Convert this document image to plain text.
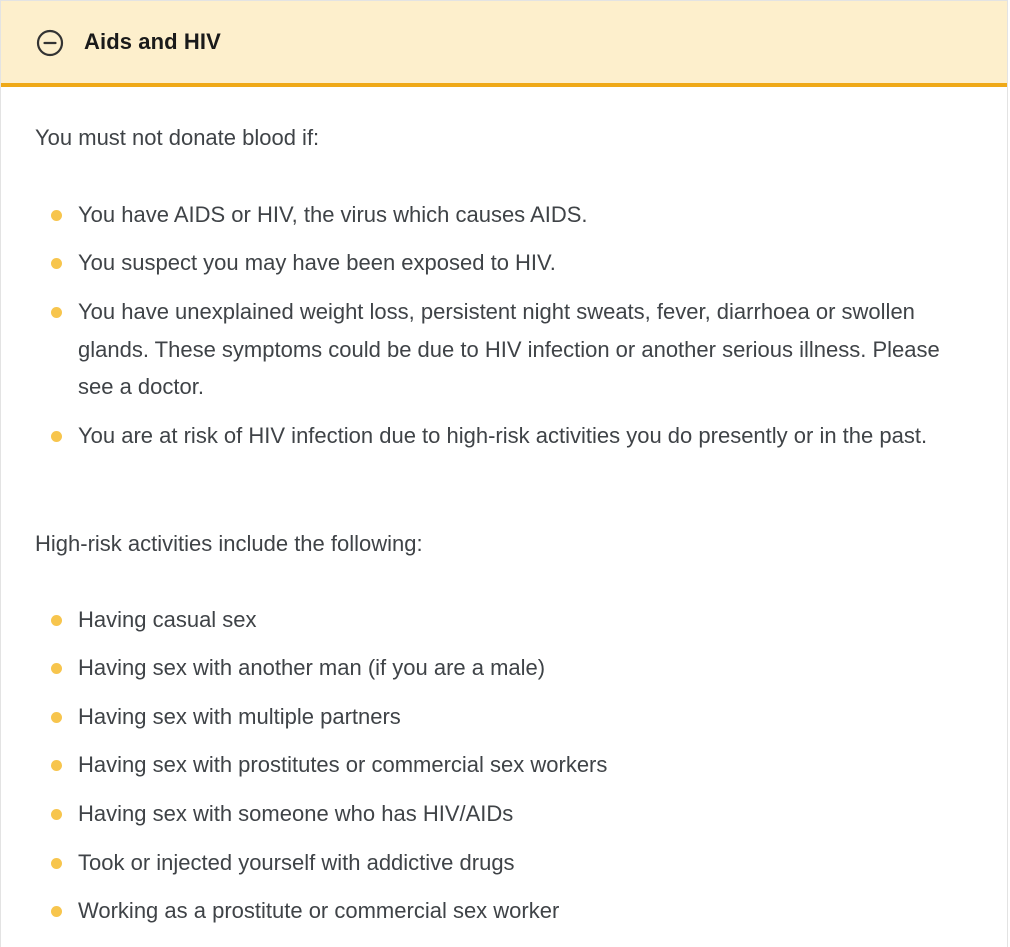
Aids and HIV

You must not donate blood if:

You have AIDS or HIV, the virus which causes AIDS.
You suspect you may have been exposed to HIV.
You have unexplained weight loss, persistent night sweats, fever, diarrhoea or swollen glands. These symptoms could be due to HIV infection or another serious illness. Please see a doctor.
You are at risk of HIV infection due to high-risk activities you do presently or in the past.

High-risk activities include the following:

Having casual sex
Having sex with another man (if you are a male)
Having sex with multiple partners
Having sex with prostitutes or commercial sex workers
Having sex with someone who has HIV/AIDs
Took or injected yourself with addictive drugs
Working as a prostitute or commercial sex worker
